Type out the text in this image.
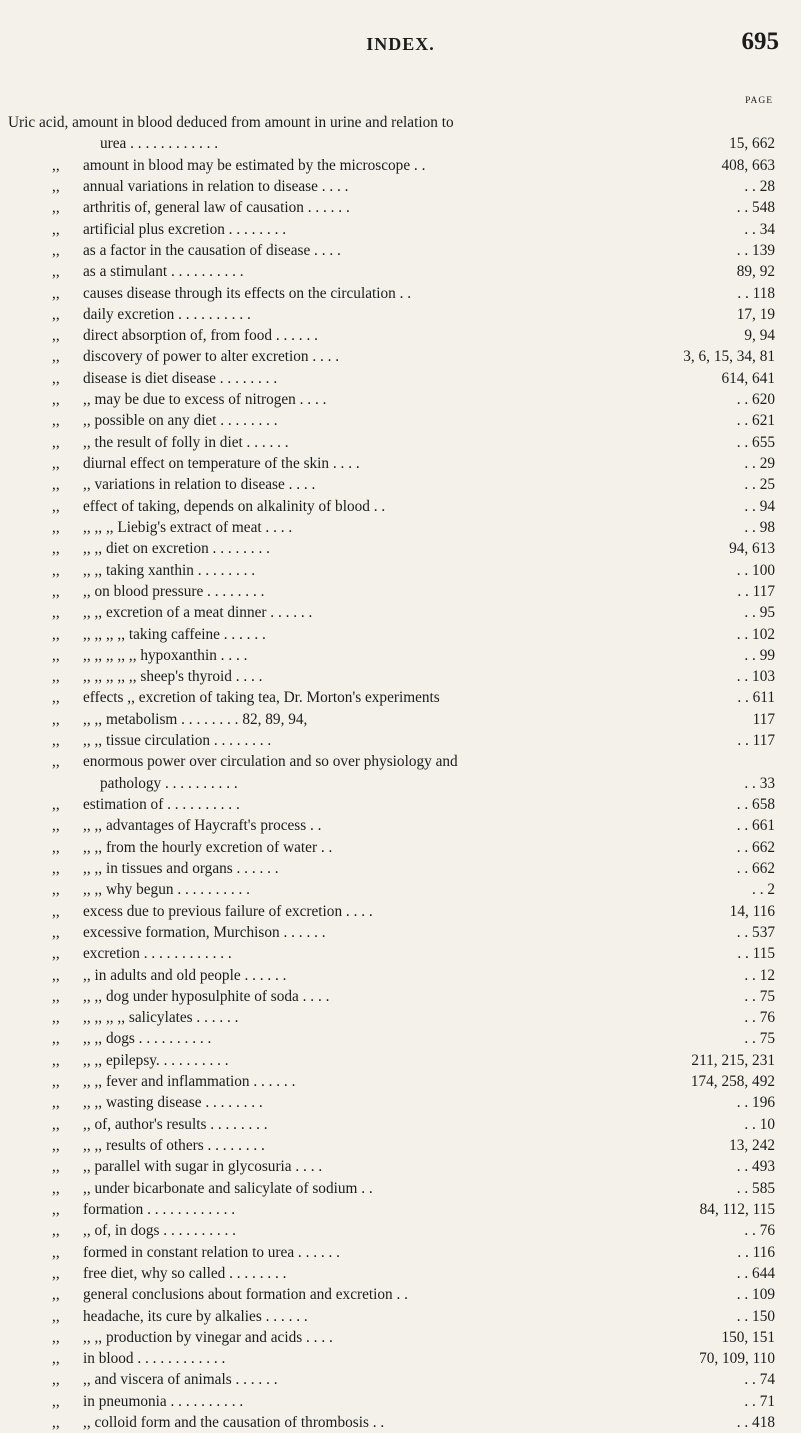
INDEX.	695
PAGE
Uric acid, amount in blood deduced from amount in urine and relation to
urea . . . . . . . . . . . .	15, 662
,, amount in blood may be estimated by the microscope . .	408, 663
,, annual variations in relation to disease . . . .	. . 28
,, arthritis of, general law of causation . . . . . .	. . 548
,, artificial plus excretion . . . . . . . .	. . 34
,, as a factor in the causation of disease . . . .	. . 139
,, as a stimulant . . . . . . . . . .	89, 92
,, causes disease through its effects on the circulation . .	. . 118
,, daily excretion . . . . . . . . . .	17, 19
,, direct absorption of, from food . . . . . .	9, 94
,, discovery of power to alter excretion . . . .	3, 6, 15, 34, 81
,, disease is diet disease . . . . . . . .	614, 641
,, ,, may be due to excess of nitrogen . . . .	. . 620
,, ,, possible on any diet . . . . . . . .	. . 621
,, ,, the result of folly in diet . . . . . .	. . 655
,, diurnal effect on temperature of the skin . . . .	. . 29
,, ,, variations in relation to disease . . . .	. . 25
,, effect of taking, depends on alkalinity of blood . .	. . 94
,, ,, ,, ,, Liebig's extract of meat . . . .	. . 98
,, ,, ,, diet on excretion . . . . . . . .	94, 613
,, ,, ,, taking xanthin . . . . . . . .	. . 100
,, ,, on blood pressure . . . . . . . .	. . 117
,, ,, ,, excretion of a meat dinner . . . . . .	. . 95
,, ,, ,, ,, ,, taking caffeine . . . . . .	. . 102
,, ,, ,, ,, ,, ,, hypoxanthin . . . .	. . 99
,, ,, ,, ,, ,, ,, sheep's thyroid . . . .	. . 103
,, effects ,, excretion of taking tea, Dr. Morton's experiments	. . 611
,, ,, ,, metabolism . . . . . . . . 82, 89, 94,	117
,, ,, ,, tissue circulation . . . . . . . .	. . 117
,, enormous power over circulation and so over physiology and
pathology . . . . . . . . . .	. . 33
,, estimation of . . . . . . . . . .	. . 658
,, ,, ,, advantages of Haycraft's process . .	. . 661
,, ,, ,, from the hourly excretion of water . .	. . 662
,, ,, ,, in tissues and organs . . . . . .	. . 662
,, ,, ,, why begun . . . . . . . . . .	. . 2
,, excess due to previous failure of excretion . . . .	14, 116
,, excessive formation, Murchison . . . . . .	. . 537
,, excretion . . . . . . . . . . . .	. . 115
,, ,, in adults and old people . . . . . .	. . 12
,, ,, ,, dog under hyposulphite of soda . . . .	. . 75
,, ,, ,, ,, ,, salicylates . . . . . .	. . 76
,, ,, ,, dogs . . . . . . . . . .	. . 75
,, ,, ,, epilepsy. . . . . . . . . .	211, 215, 231
,, ,, ,, fever and inflammation . . . . . .	174, 258, 492
,, ,, ,, wasting disease . . . . . . . .	. . 196
,, ,, of, author's results . . . . . . . .	. . 10
,, ,, ,, results of others . . . . . . . .	13, 242
,, ,, parallel with sugar in glycosuria . . . .	. . 493
,, ,, under bicarbonate and salicylate of sodium . .	. . 585
,, formation . . . . . . . . . . . .	84, 112, 115
,, ,, of, in dogs . . . . . . . . . .	. . 76
,, formed in constant relation to urea . . . . . .	. . 116
,, free diet, why so called . . . . . . . .	. . 644
,, general conclusions about formation and excretion . .	. . 109
,, headache, its cure by alkalies . . . . . .	. . 150
,, ,, ,, production by vinegar and acids . . . .	150, 151
,, in blood . . . . . . . . . . . .	70, 109, 110
,, ,, and viscera of animals . . . . . .	. . 74
,, in pneumonia . . . . . . . . . .	. . 71
,, ,, colloid form and the causation of thrombosis . .	. . 418
